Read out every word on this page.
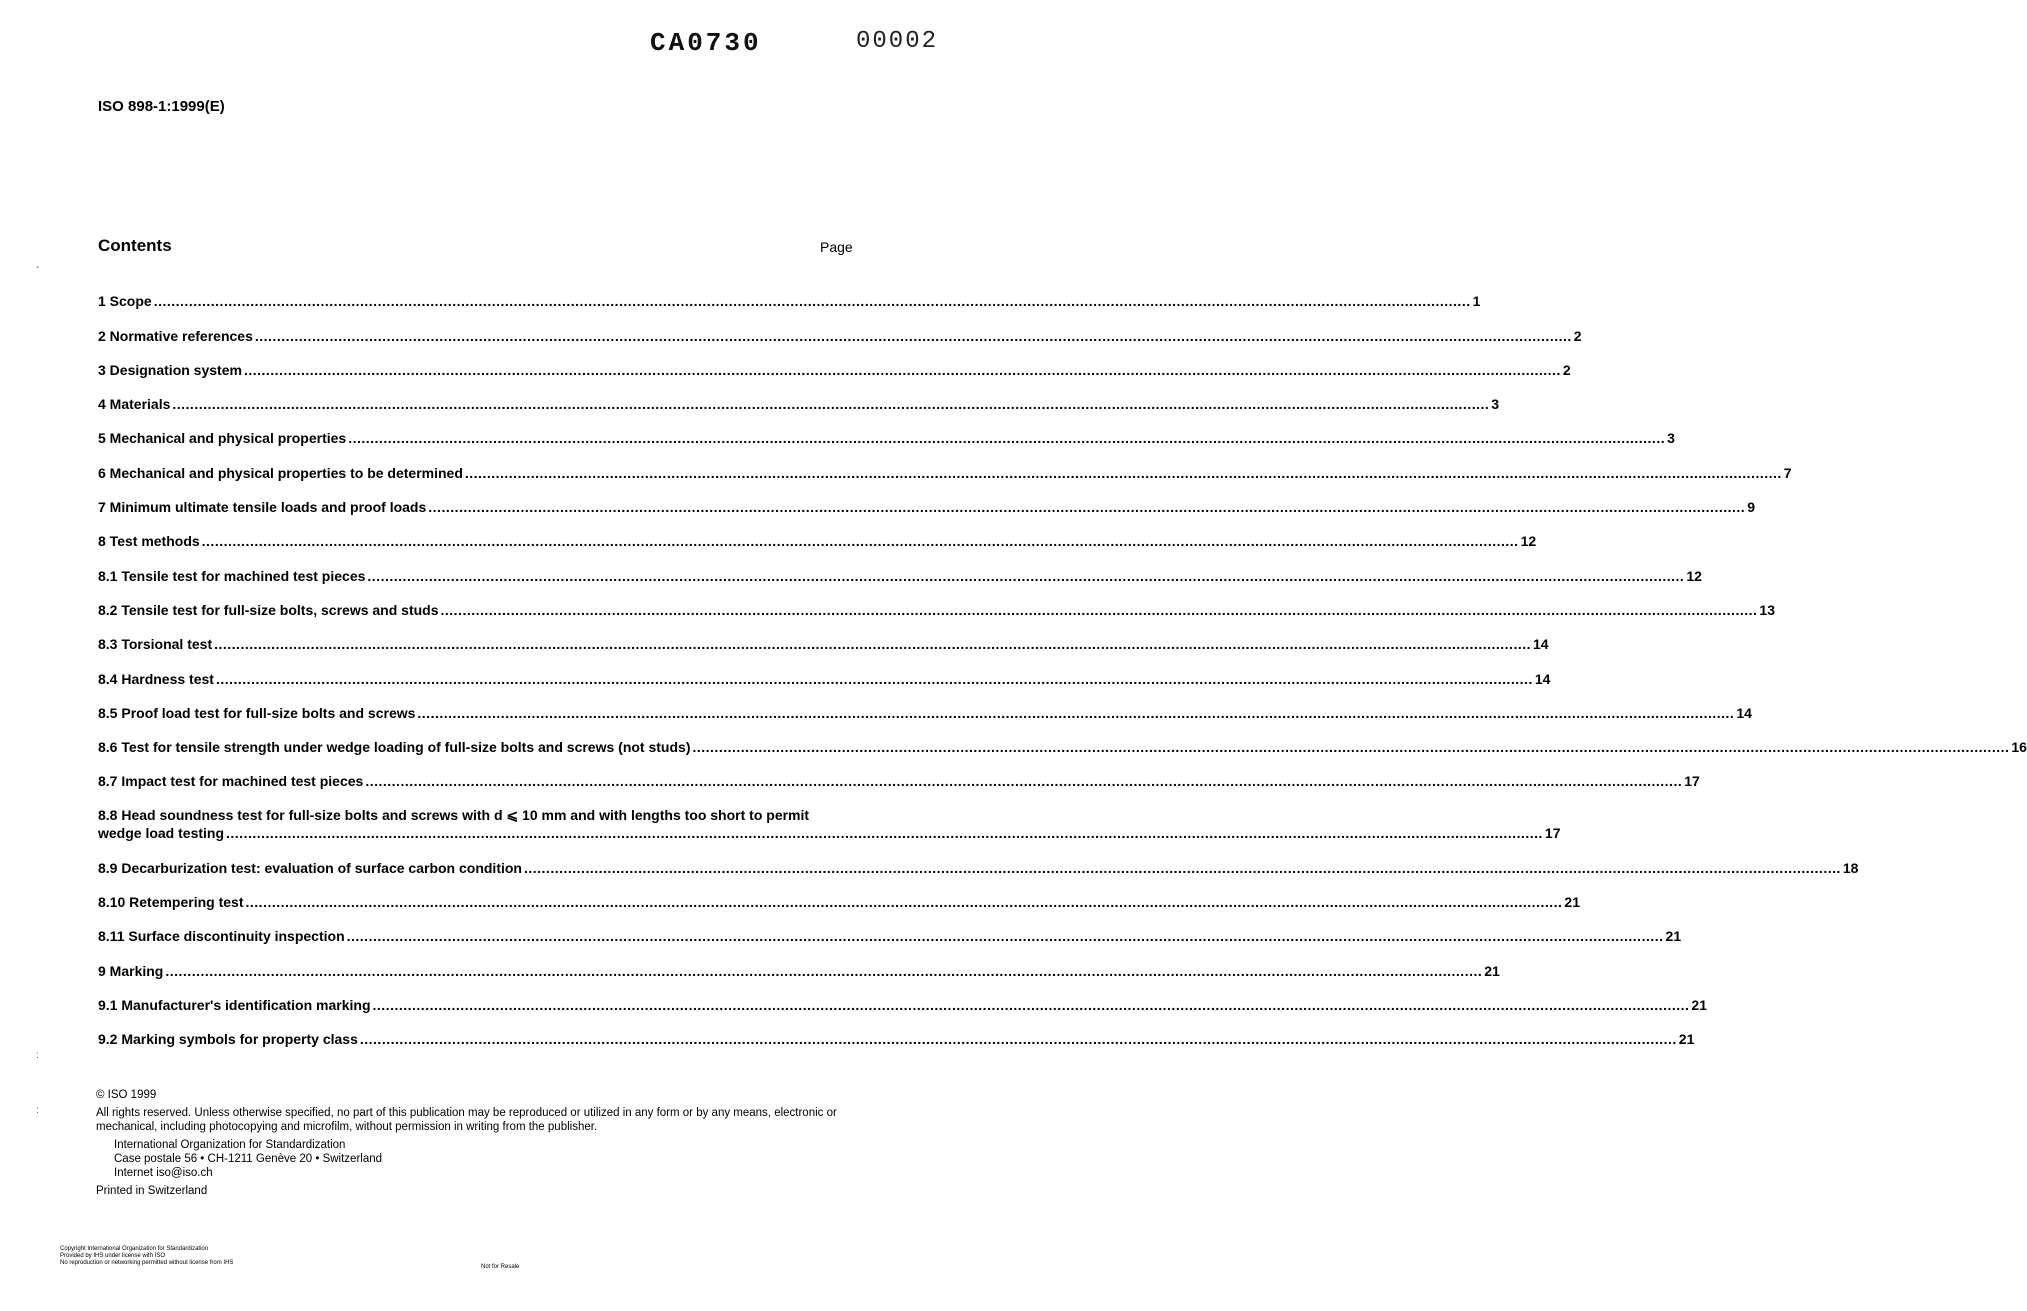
CA0730	00002
ISO 898-1:1999(E)
Contents	Page
1 Scope .....	1
2 Normative references .....	2
3 Designation system .....	2
4 Materials .....	3
5 Mechanical and physical properties .....	3
6 Mechanical and physical properties to be determined .....	7
7 Minimum ultimate tensile loads and proof loads .....	9
8 Test methods .....	12
8.1 Tensile test for machined test pieces .....	12
8.2 Tensile test for full-size bolts, screws and studs .....	13
8.3 Torsional test .....	14
8.4 Hardness test .....	14
8.5 Proof load test for full-size bolts and screws .....	14
8.6 Test for tensile strength under wedge loading of full-size bolts and screws (not studs) .....	16
8.7 Impact test for machined test pieces .....	17
8.8 Head soundness test for full-size bolts and screws with d ⩽ 10 mm and with lengths too short to permit
wedge load testing .....	17
8.9 Decarburization test: evaluation of surface carbon condition .....	18
8.10 Retempering test .....	21
8.11 Surface discontinuity inspection .....	21
9 Marking .....	21
9.1 Manufacturer's identification marking .....	21
9.2 Marking symbols for property class .....	21
-
:
:
© ISO 1999
All rights reserved. Unless otherwise specified, no part of this publication may be reproduced or utilized in any form or by any means, electronic or mechanical, including photocopying and microfilm, without permission in writing from the publisher.
International Organization for Standardization
Case postale 56 • CH-1211 Genève 20 • Switzerland
Internet iso@iso.ch
Printed in Switzerland
Copyright International Organization for Standardization
Provided by IHS under license with ISO
No reproduction or networking permitted without license from IHS
Not for Resale
